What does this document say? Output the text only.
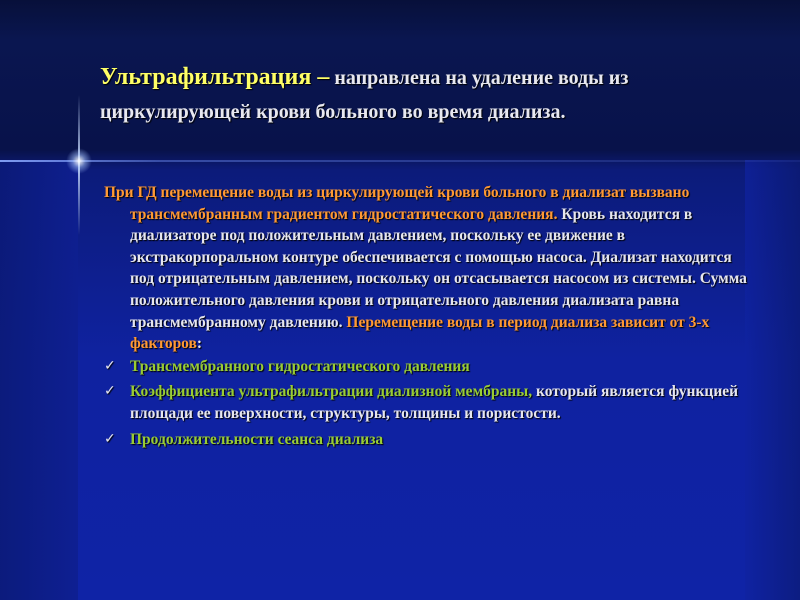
Ультрафильтрация – направлена на удаление воды из циркулирующей крови больного во время диализа.

При ГД перемещение воды из циркулирующей крови больного в диализат вызвано трансмембранным градиентом гидростатического давления. Кровь находится в диализаторе под положительным давлением, поскольку ее движение в экстракорпоральном контуре обеспечивается с помощью насоса. Диализат находится под отрицательным давлением, поскольку он отсасывается насосом из системы. Сумма положительного давления крови и отрицательного давления диализата равна трансмембранному давлению. Перемещение воды в период диализа зависит от 3-х факторов:

✓ Трансмембранного гидростатического давления
✓ Коэффициента ультрафильтрации диализной мембраны, который является функцией площади ее поверхности, структуры, толщины и пористости.
✓ Продолжительности сеанса диализа
